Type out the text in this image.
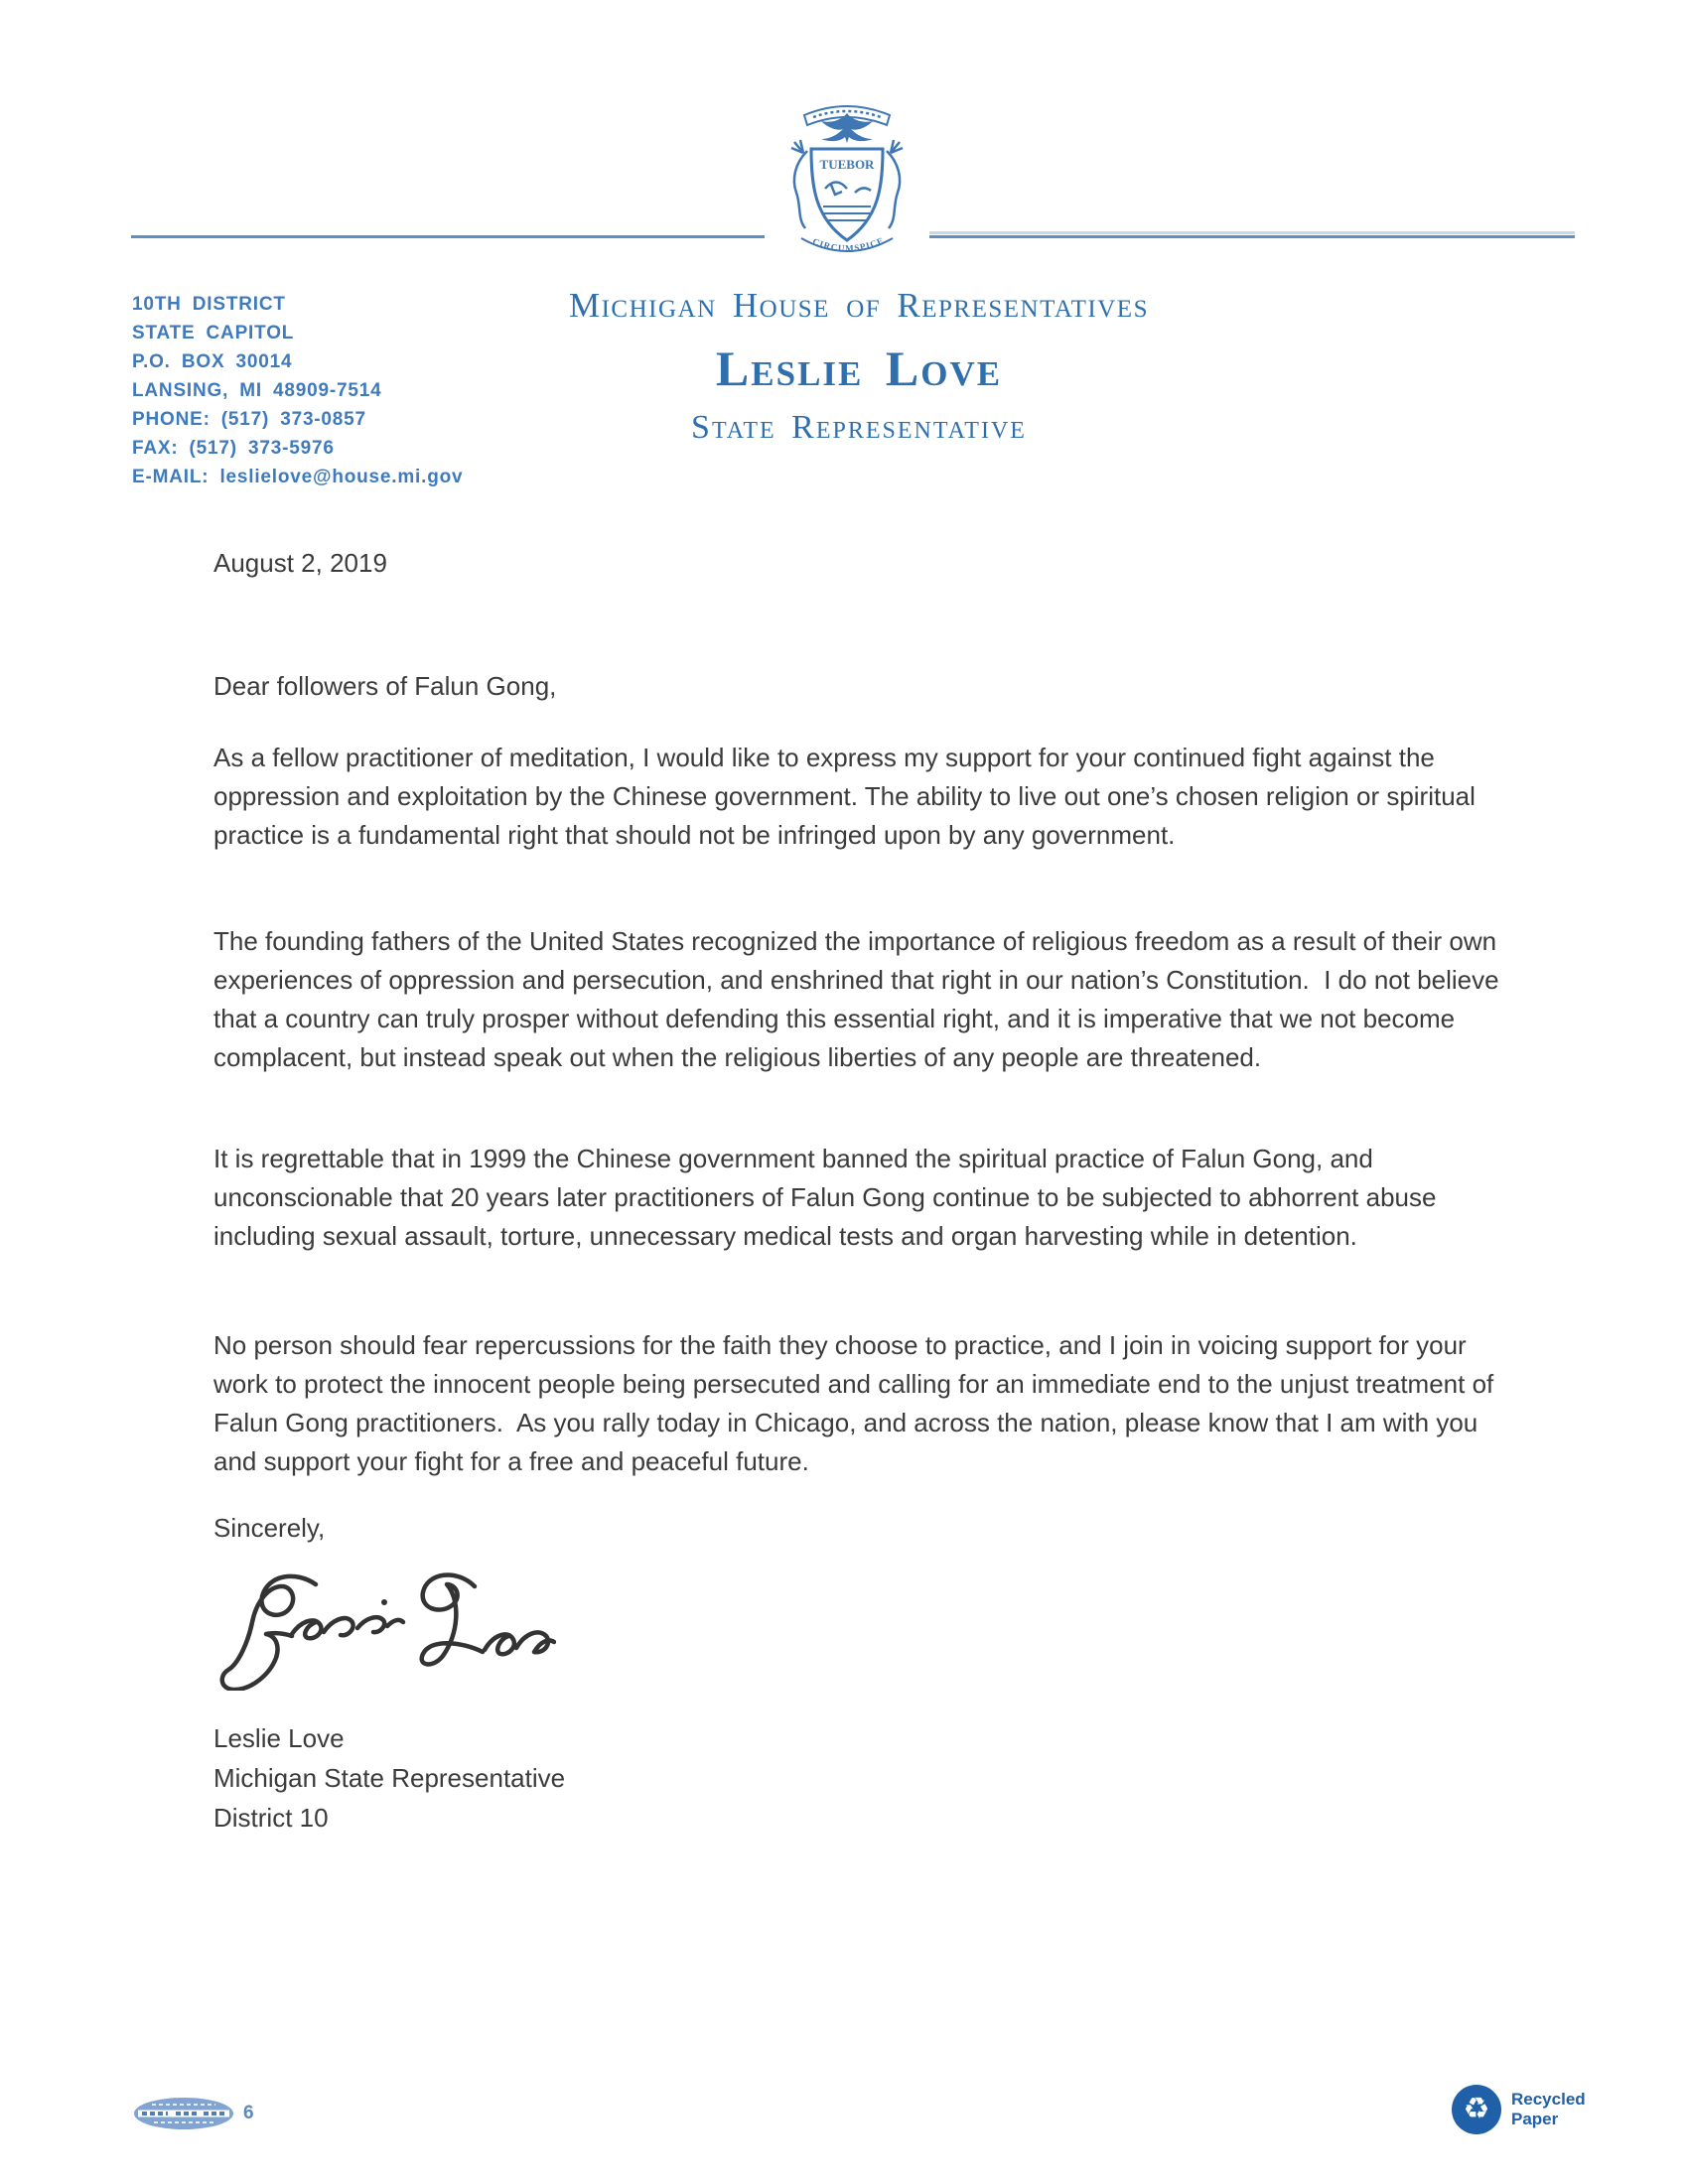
TUEBOR
CIRCUMSPICE
10TH DISTRICT
STATE CAPITOL
P.O. BOX 30014
LANSING, MI 48909-7514
PHONE: (517) 373-0857
FAX: (517) 373-5976
E-MAIL: leslielove@house.mi.gov
Michigan House of Representatives
Leslie Love
State Representative
August 2, 2019
Dear followers of Falun Gong,

As a fellow practitioner of meditation, I would like to express my support for your continued fight against the oppression and exploitation by the Chinese government. The ability to live out one’s chosen religion or spiritual practice is a fundamental right that should not be infringed upon by any government.

The founding fathers of the United States recognized the importance of religious freedom as a result of their own experiences of oppression and persecution, and enshrined that right in our nation’s Constitution.  I do not believe that a country can truly prosper without defending this essential right, and it is imperative that we not become complacent, but instead speak out when the religious liberties of any people are threatened.

It is regrettable that in 1999 the Chinese government banned the spiritual practice of Falun Gong, and unconscionable that 20 years later practitioners of Falun Gong continue to be subjected to abhorrent abuse including sexual assault, torture, unnecessary medical tests and organ harvesting while in detention.

No person should fear repercussions for the faith they choose to practice, and I join in voicing support for your work to protect the innocent people being persecuted and calling for an immediate end to the unjust treatment of Falun Gong practitioners.  As you rally today in Chicago, and across the nation, please know that I am with you and support your fight for a free and peaceful future.

Sincerely,
Leslie Love
Michigan State Representative
District 10
6	♻ Recycled
Paper
